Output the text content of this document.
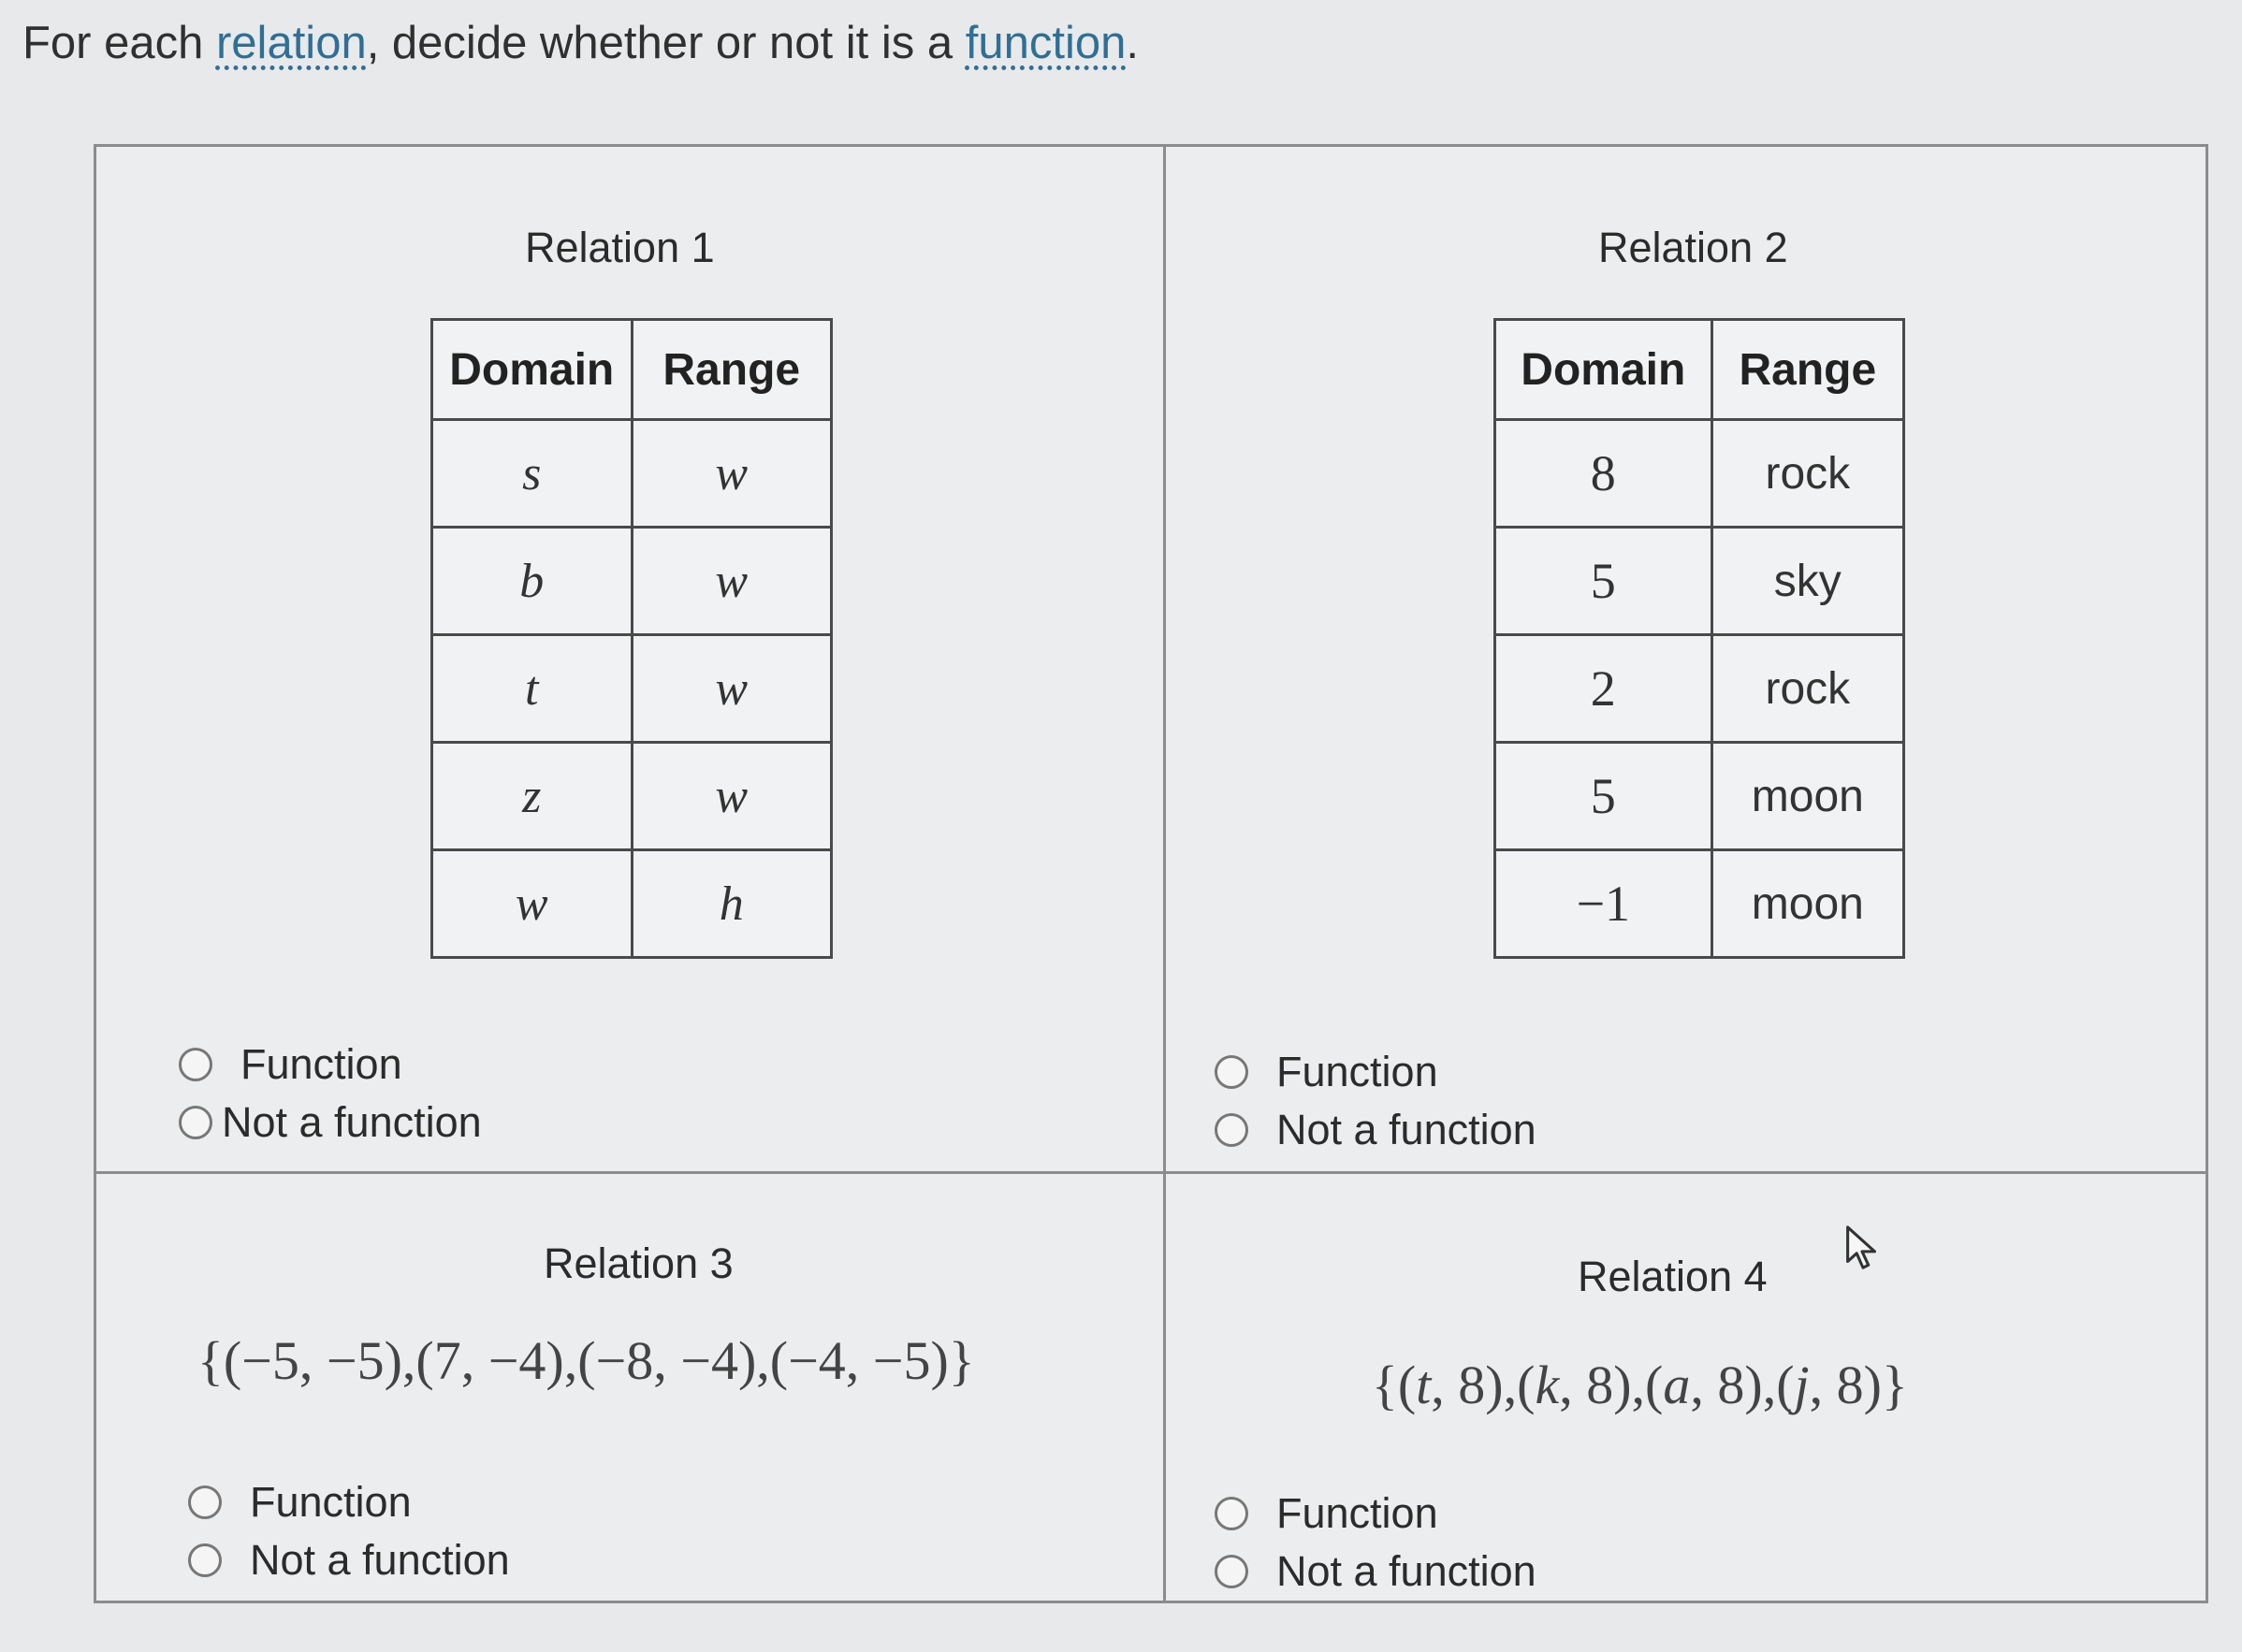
For each relation, decide whether or not it is a function.
Relation 1
Domain	Range
s	w
b	w
t	w
z	w
w	h
Function
Not a function
Relation 2
Domain	Range
8	rock
5	sky
2	rock
5	moon
−1	moon
Function
Not a function
Relation 3
{(−5, −5),(7, −4),(−8, −4),(−4, −5)}
Function
Not a function
Relation 4
{(t, 8),(k, 8),(a, 8),(j, 8)}
Function
Not a function
